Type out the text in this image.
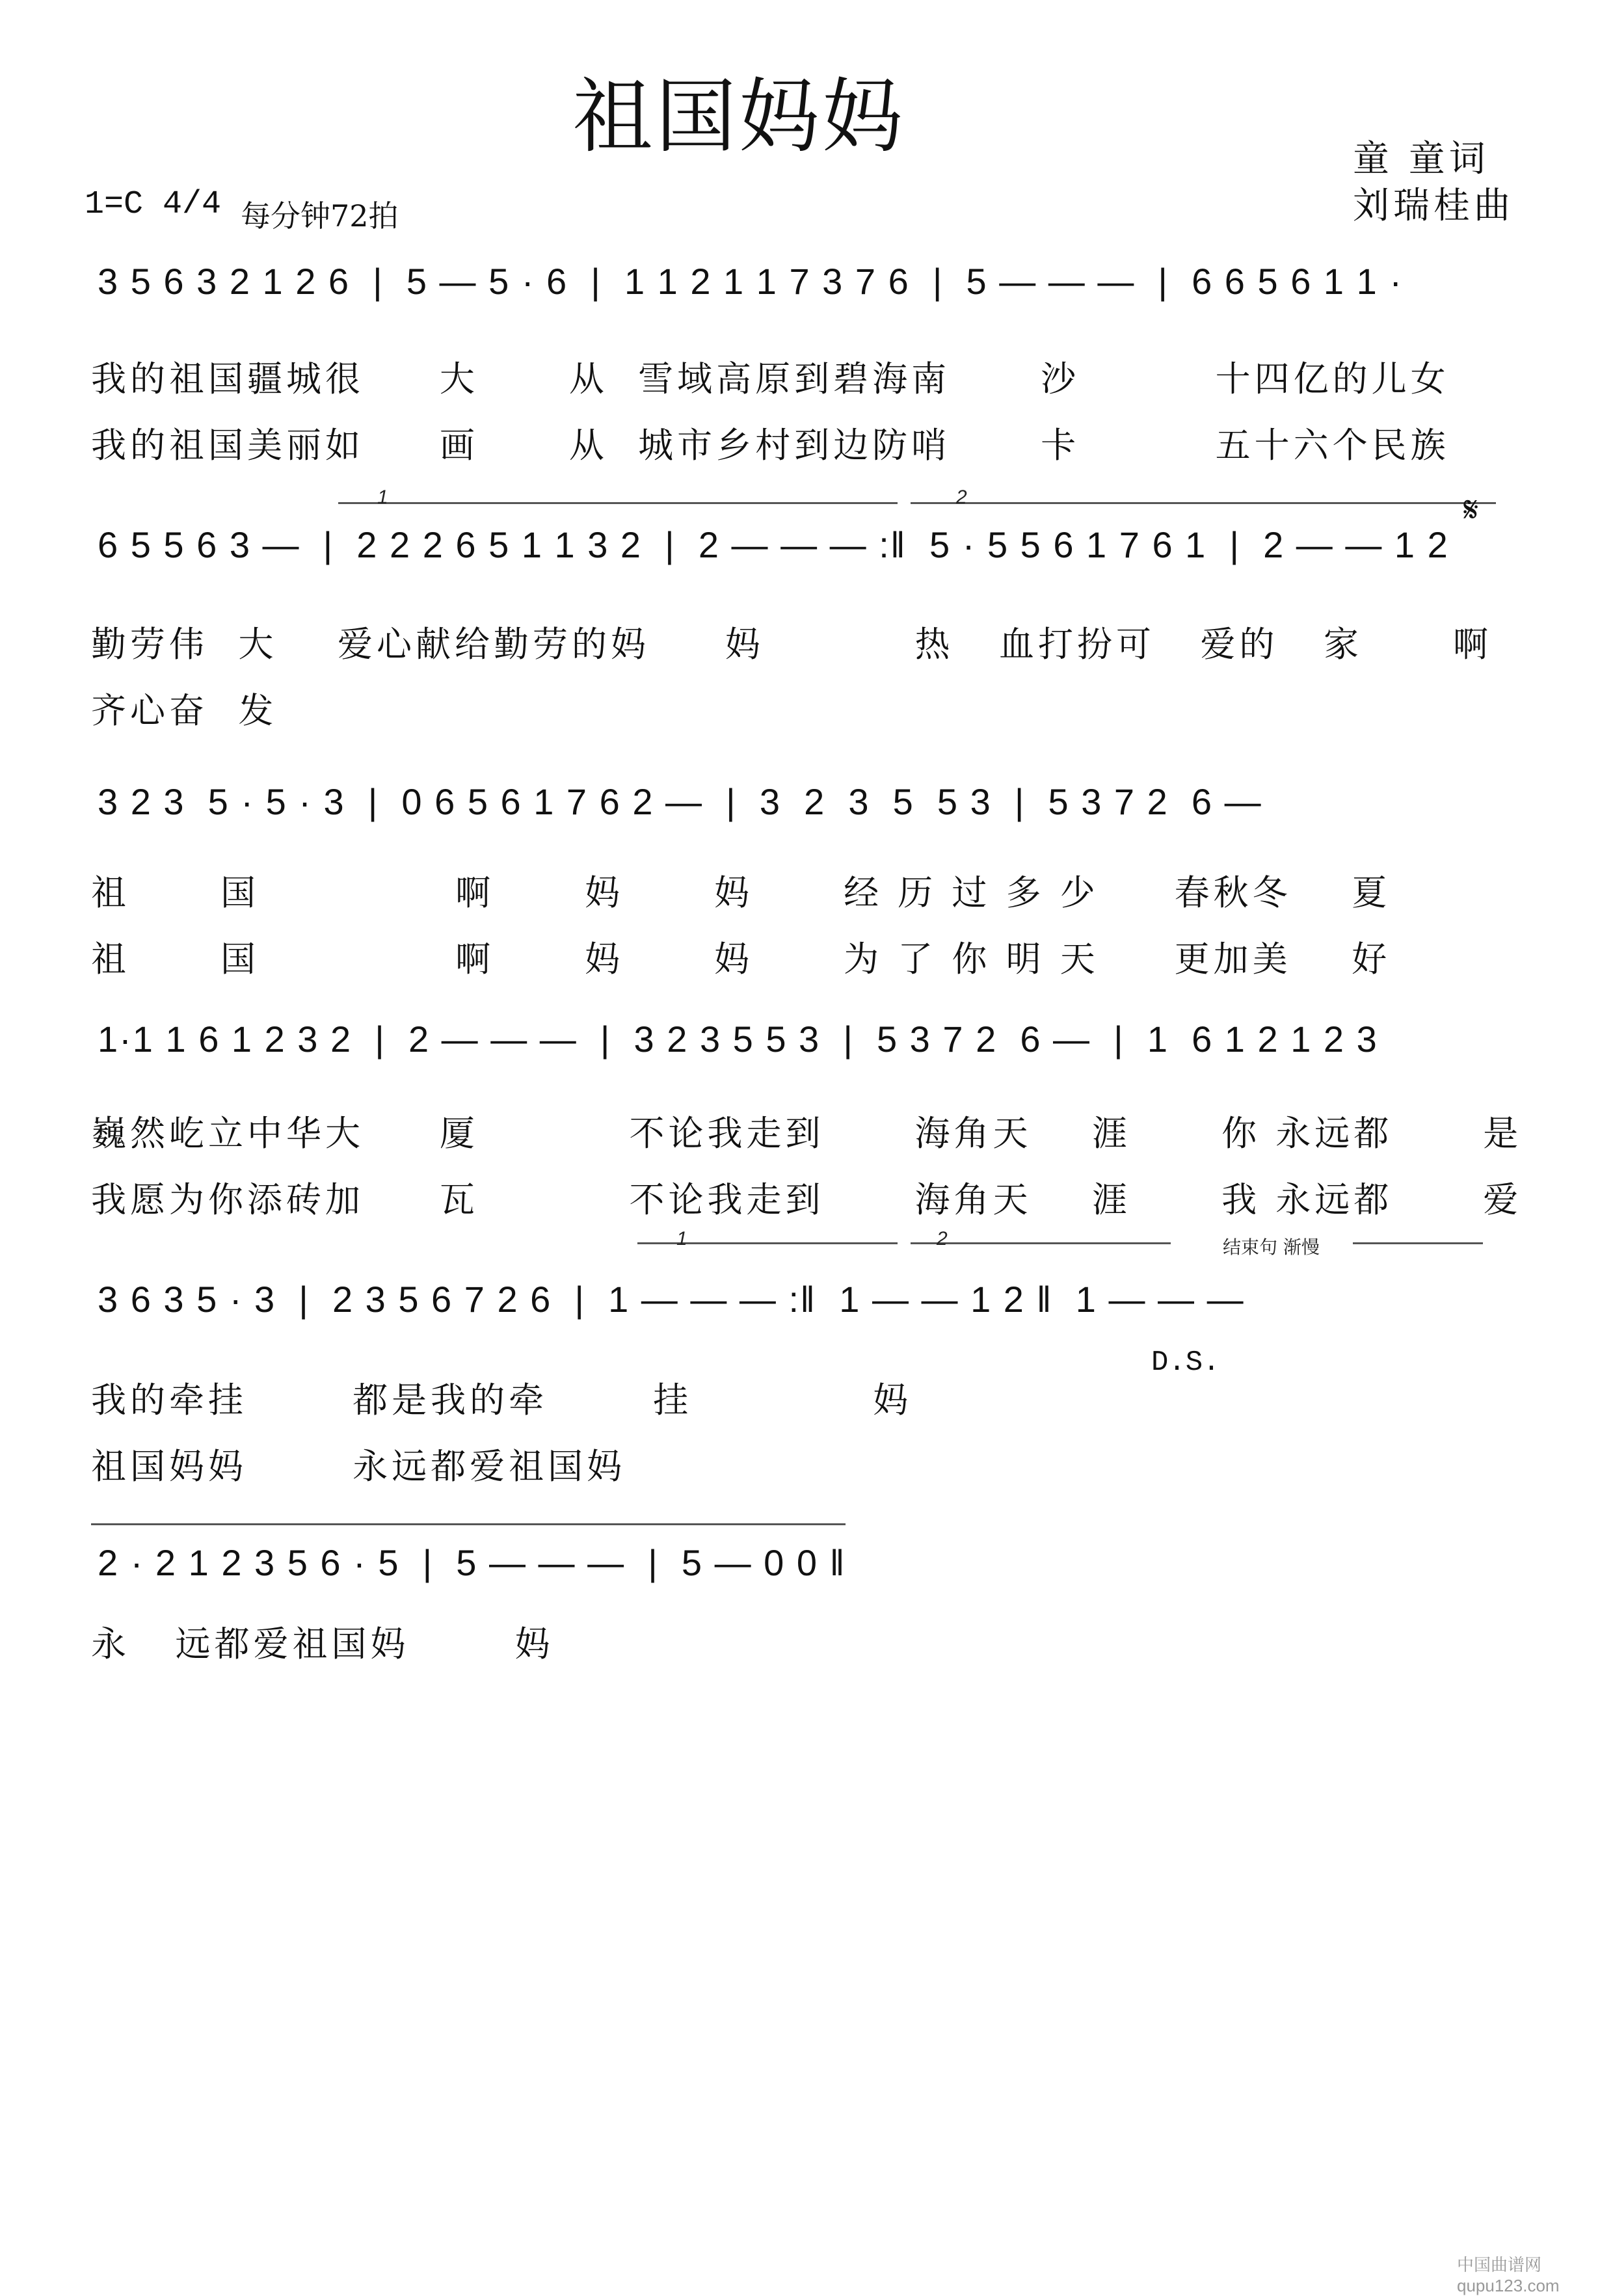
祖国妈妈	童 童词
刘瑞桂曲
1=C 4/4 每分钟72拍
3 5 6 3 2 1 2 6  |  5 — 5 · 6  |  1 1 2 1 1 7 3 7 6  |  5 — — —  |  6 6 5 6 1 1 ·
我的祖国疆城很     大      从  雪域高原到碧海南      沙         十四亿的儿女
我的祖国美丽如     画      从  城市乡村到边防哨      卡         五十六个民族
1	2	𝄋
6 5 5 6 3 —  |  2 2 2 6 5 1 1 3 2  |  2 — — — :‖  5 · 5 5 6 1 7 6 1  |  2 — — 1 2
勤劳伟  大    爱心献给勤劳的妈     妈          热   血打扮可   爱的   家      啊
齐心奋  发
3 2 3  5 · 5 · 3  |  0 6 5 6 1 7 6 2 —  |  3  2  3  5  5 3  |  5 3 7 2  6 —
祖      国             啊      妈      妈      经 历 过 多 少     春秋冬    夏
祖      国             啊      妈      妈      为 了 你 明 天     更加美    好
1·1 1 6 1 2 3 2  |  2 — — —  |  3 2 3 5 5 3  |  5 3 7 2  6 —  |  1  6 1 2 1 2 3
巍然屹立中华大     厦          不论我走到      海角天    涯      你 永远都      是
我愿为你添砖加     瓦          不论我走到      海角天    涯      我 永远都      爱
1	2	结束句 渐慢
3 6 3 5 · 3  |  2 3 5 6 7 2 6  |  1 — — — :‖  1 — — 1 2 ‖  1 — — —
D.S.
我的牵挂       都是我的牵       挂            妈
祖国妈妈       永远都爱祖国妈
2 · 2 1 2 3 5 6 · 5  |  5 — — —  |  5 — 0 0 ‖
永   远都爱祖国妈       妈
中国曲谱网 qupu123.com
